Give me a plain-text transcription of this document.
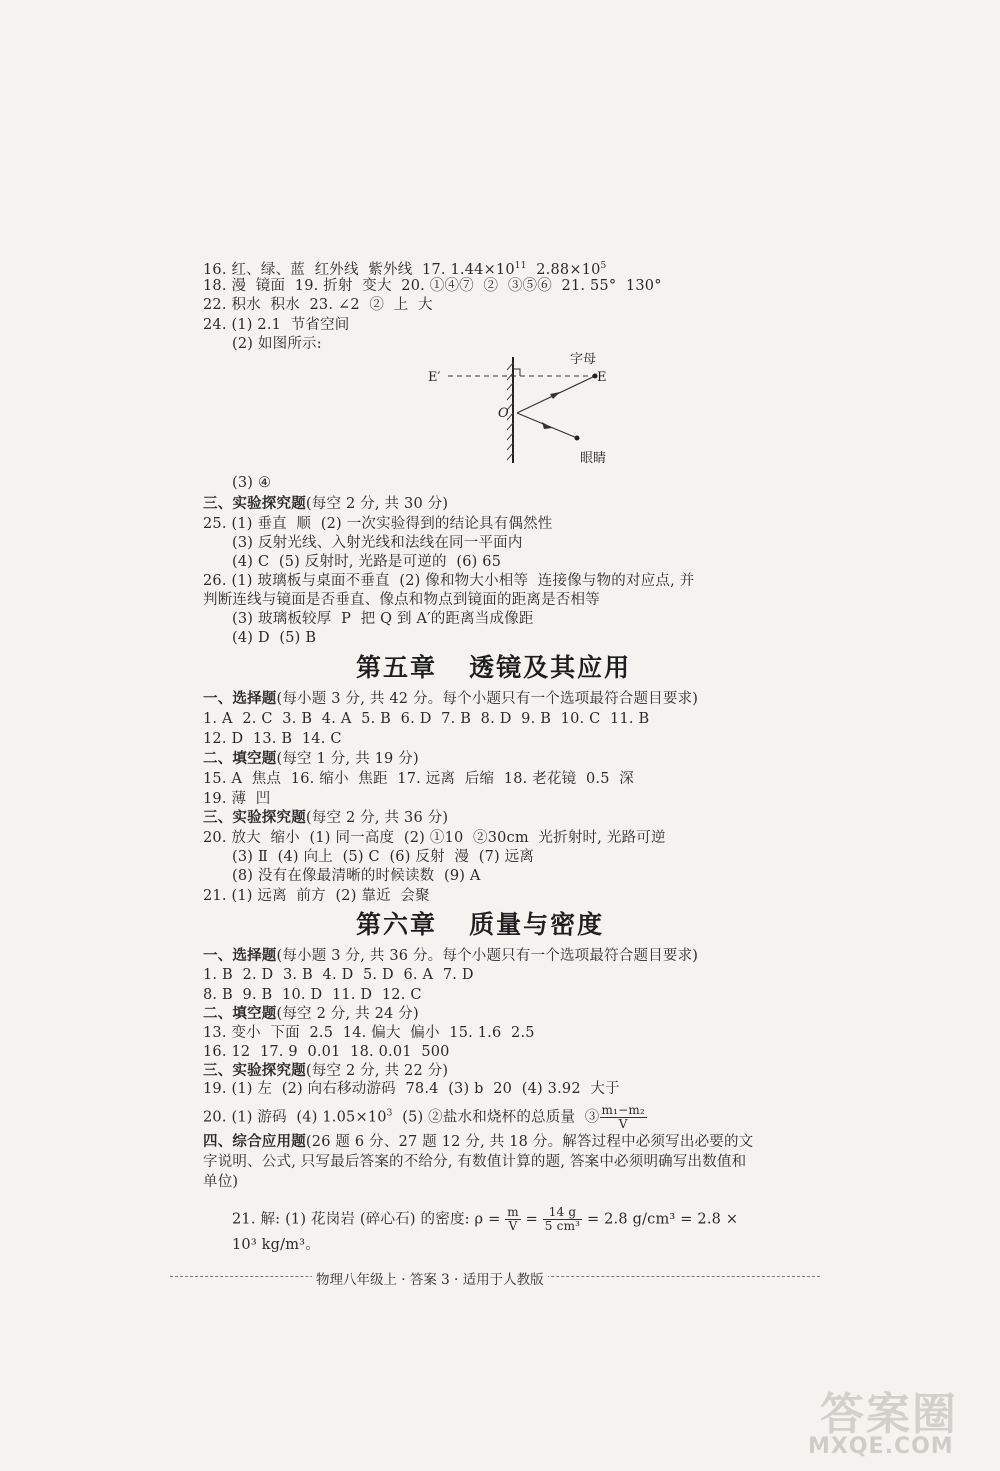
16. 红、绿、蓝  红外线  紫外线  17. $1.44\times 10^{11}$  $2.88\times 10^5$
18. 漫  镜面  19. 折射  变大  20. ①④⑦  ②  ③⑤⑥  21. 55°  130°
22. 积水  积水  23. ∠2  ②  上  大
24. (1) 2.1  节省空间
(2) 如图所示:
字母
E
E′
O
眼睛
(3) ④
三、实验探究题(每空 2 分, 共 30 分)
25. (1) 垂直  顺  (2) 一次实验得到的结论具有偶然性
(3) 反射光线、入射光线和法线在同一平面内
(4) C  (5) 反射时, 光路是可逆的  (6) 65
26. (1) 玻璃板与桌面不垂直  (2) 像和物大小相等  连接像与物的对应点, 并
判断连线与镜面是否垂直、像点和物点到镜面的距离是否相等
(3) 玻璃板较厚  P  把 Q 到 A′的距离当成像距
(4) D  (5) B
第五章   透镜及其应用
一、选择题(每小题 3 分, 共 42 分。每个小题只有一个选项最符合题目要求)
1. A  2. C  3. B  4. A  5. B  6. D  7. B  8. D  9. B  10. C  11. B
12. D  13. B  14. C
二、填空题(每空 1 分, 共 19 分)
15. A  焦点  16. 缩小  焦距  17. 远离  后缩  18. 老花镜  0.5  深
19. 薄  凹
三、实验探究题(每空 2 分, 共 36 分)
20. 放大  缩小  (1) 同一高度  (2) ①10  ②30cm  光折射时, 光路可逆
(3) Ⅱ  (4) 向上  (5) C  (6) 反射  漫  (7) 远离
(8) 没有在像最清晰的时候读数  (9) A
21. (1) 远离  前方  (2) 靠近  会聚
第六章   质量与密度
一、选择题(每小题 3 分, 共 36 分。每个小题只有一个选项最符合题目要求)
1. B  2. D  3. B  4. D  5. D  6. A  7. D
8. B  9. B  10. D  11. D  12. C
二、填空题(每空 2 分, 共 24 分)
13. 变小  下面  2.5  14. 偏大  偏小  15. 1.6  2.5
16. 12  17. 9  0.01  18. 0.01  500
三、实验探究题(每空 2 分, 共 22 分)
19. (1) 左  (2) 向右移动游码  78.4  (3) b  20  (4) 3.92  大于
20. (1) 游码  (4) $1.05\times 10^3$  (5) ②盐水和烧杯的总质量  ③ $\frac{\text{m₁−m₂}}{V}$
四、综合应用题(26 题 6 分、27 题 12 分, 共 18 分。解答过程中必须写出必要的文
字说明、公式, 只写最后答案的不给分, 有数值计算的题, 答案中必须明确写出数值和
单位)
21. 解: (1) 花岗岩 (碎心石) 的密度: $\rho = \frac{m}{V} = \frac{14 g}{\text{5 cm³}} = 2.8$ g/cm³ = 2.8 ×
10³ kg/m³。
物理八年级上 · 答案 3 · 适用于人教版
答案圈
MXQE.COM
